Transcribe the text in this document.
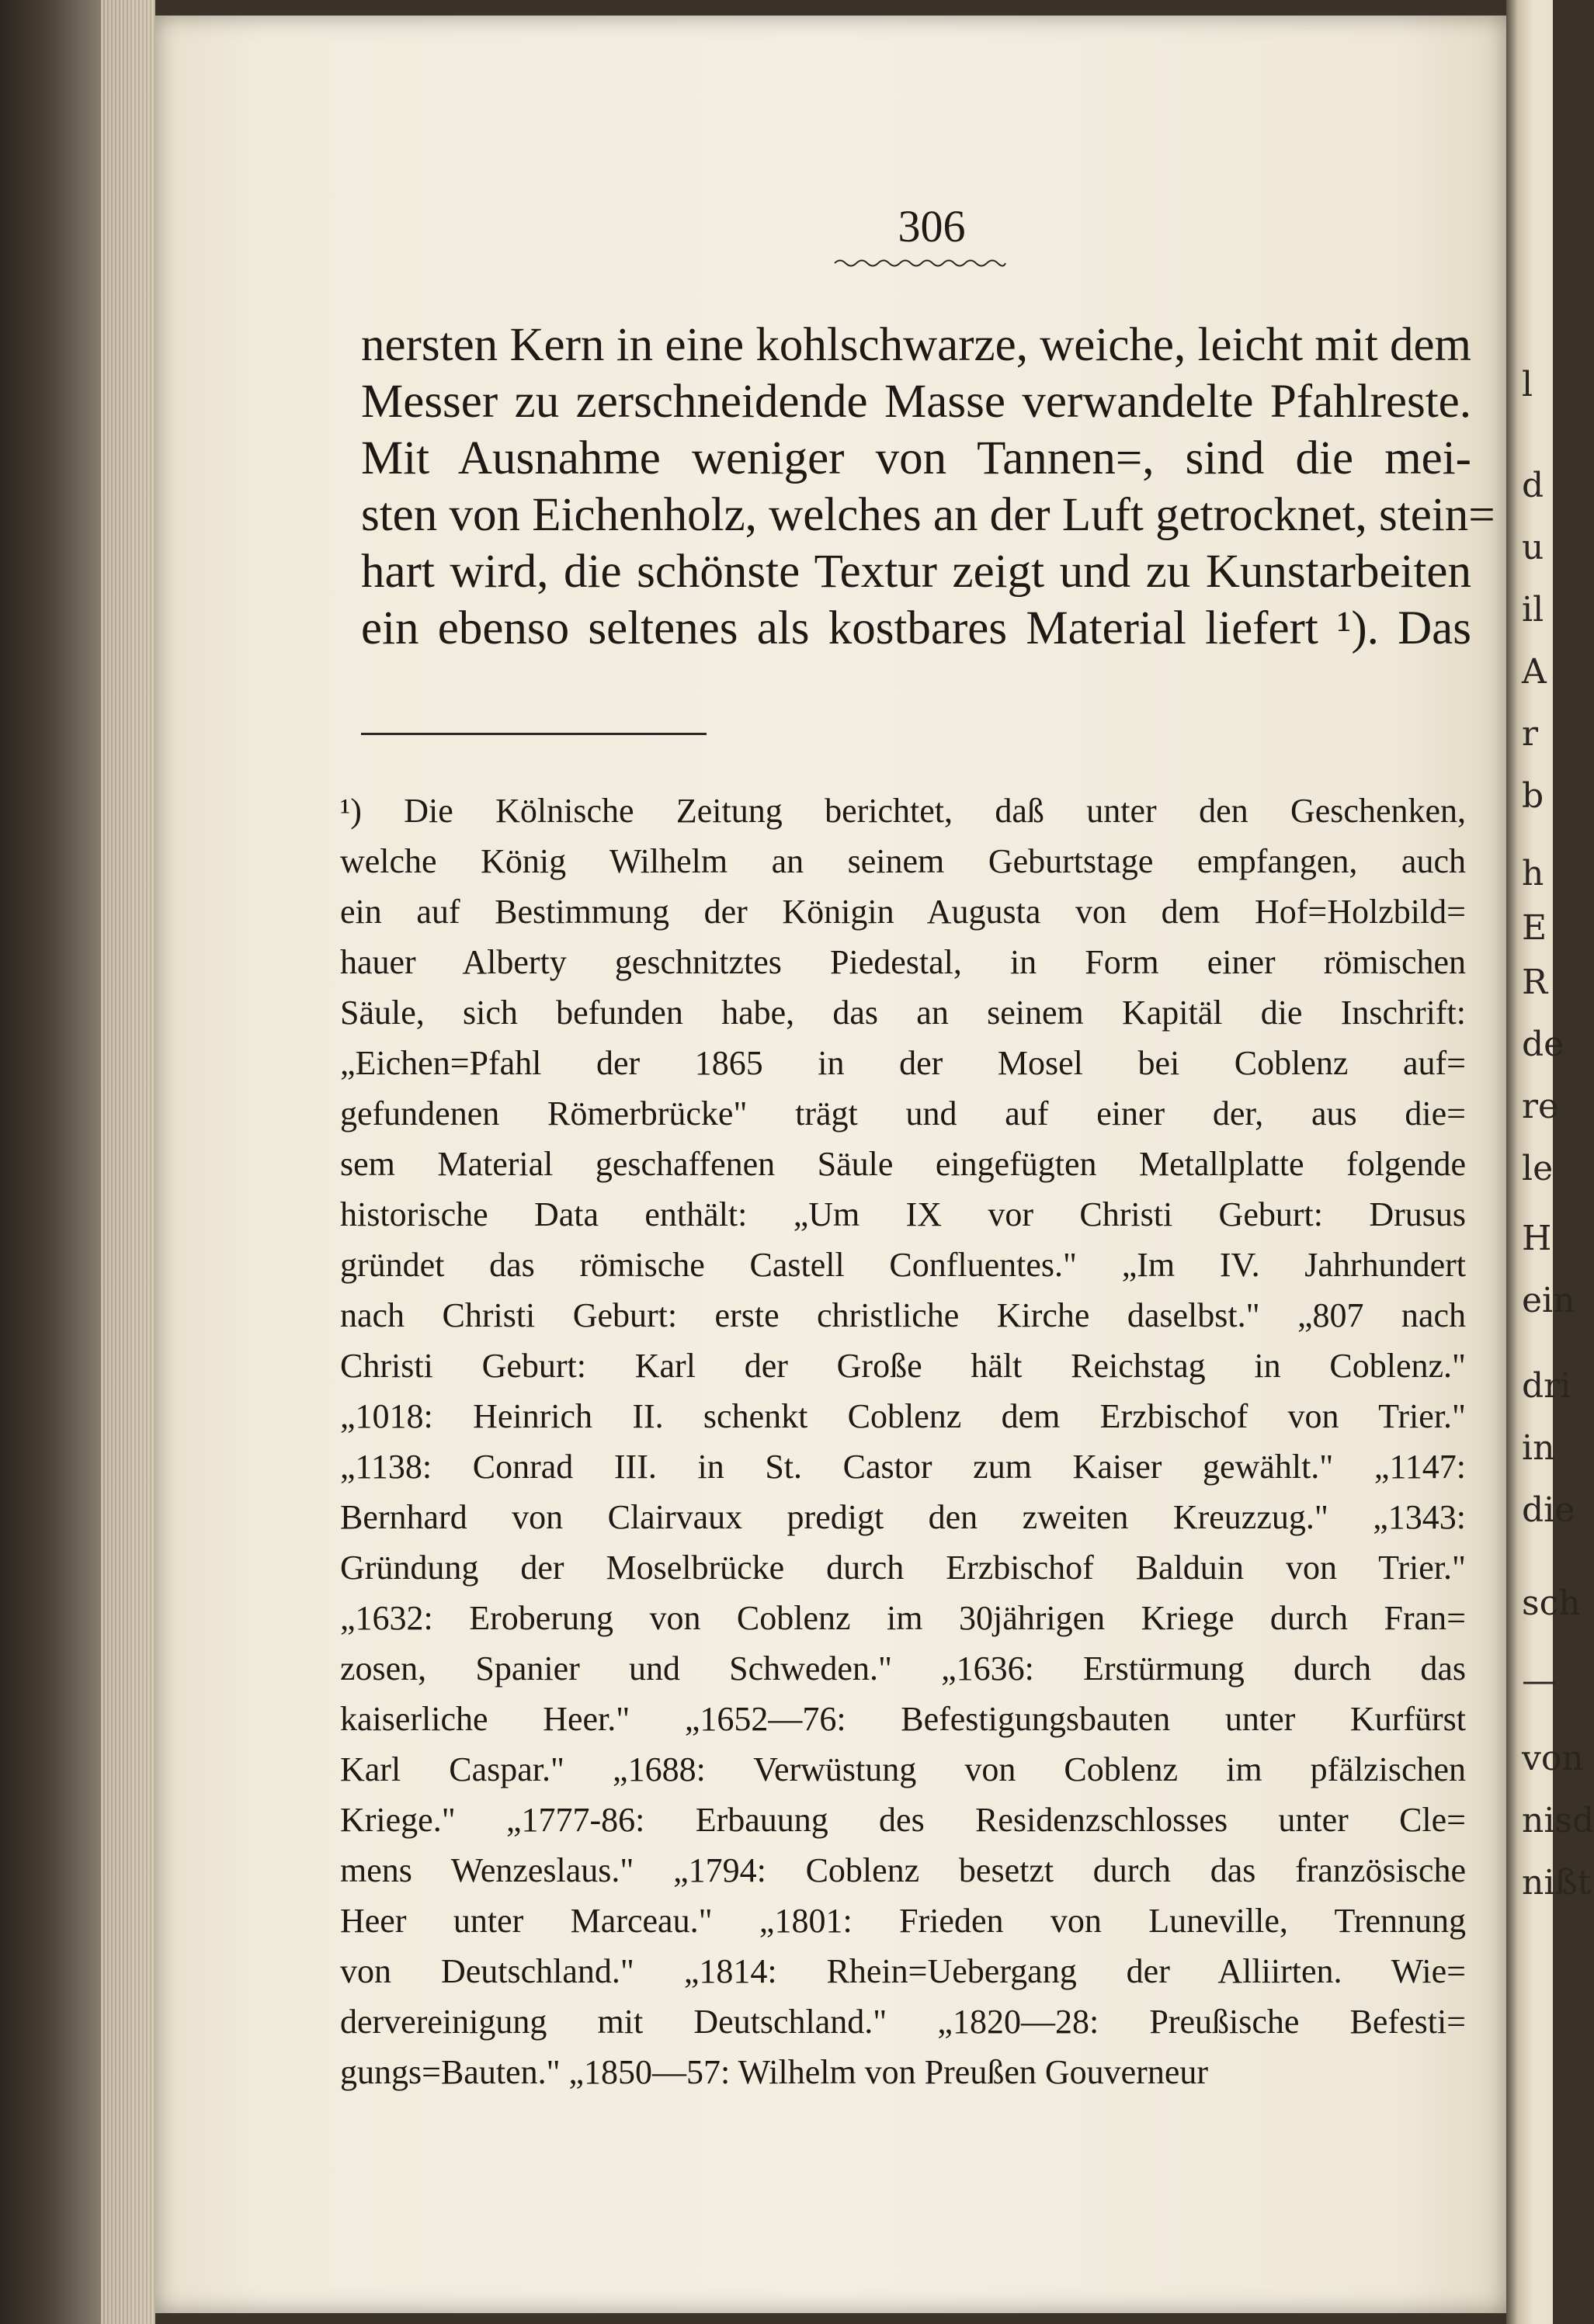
l
d
u
il
A
r
b
h
E
R
de
re
le
H
ein
dri
in
die
sch
—
von
nisd
nißt
306
nersten Kern in eine kohlschwarze, weiche, leicht mit dem
Messer zu zerschneidende Masse verwandelte Pfahlreste.
Mit Ausnahme weniger von Tannen=, sind die mei-
sten von Eichenholz, welches an der Luft getrocknet, stein=
hart wird, die schönste Textur zeigt und zu Kunstarbeiten
ein ebenso seltenes als kostbares Material liefert ¹). Das
¹) Die Kölnische Zeitung berichtet, daß unter den Geschenken,
welche König Wilhelm an seinem Geburtstage empfangen, auch
ein auf Bestimmung der Königin Augusta von dem Hof=Holzbild=
hauer Alberty geschnitztes Piedestal, in Form einer römischen
Säule, sich befunden habe, das an seinem Kapitäl die Inschrift:
„Eichen=Pfahl der 1865 in der Mosel bei Coblenz auf=
gefundenen Römerbrücke" trägt und auf einer der, aus die=
sem Material geschaffenen Säule eingefügten Metallplatte folgende
historische Data enthält: „Um IX vor Christi Geburt: Drusus
gründet das römische Castell Confluentes." „Im IV. Jahrhundert
nach Christi Geburt: erste christliche Kirche daselbst." „807 nach
Christi Geburt: Karl der Große hält Reichstag in Coblenz."
„1018: Heinrich II. schenkt Coblenz dem Erzbischof von Trier."
„1138: Conrad III. in St. Castor zum Kaiser gewählt." „1147:
Bernhard von Clairvaux predigt den zweiten Kreuzzug." „1343:
Gründung der Moselbrücke durch Erzbischof Balduin von Trier."
„1632: Eroberung von Coblenz im 30jährigen Kriege durch Fran=
zosen, Spanier und Schweden." „1636: Erstürmung durch das
kaiserliche Heer." „1652—76: Befestigungsbauten unter Kurfürst
Karl Caspar." „1688: Verwüstung von Coblenz im pfälzischen
Kriege." „1777-86: Erbauung des Residenzschlosses unter Cle=
mens Wenzeslaus." „1794: Coblenz besetzt durch das französische
Heer unter Marceau." „1801: Frieden von Luneville, Trennung
von Deutschland." „1814: Rhein=Uebergang der Alliirten. Wie=
dervereinigung mit Deutschland." „1820—28: Preußische Befesti=
gungs=Bauten." „1850—57: Wilhelm von Preußen Gouverneur
